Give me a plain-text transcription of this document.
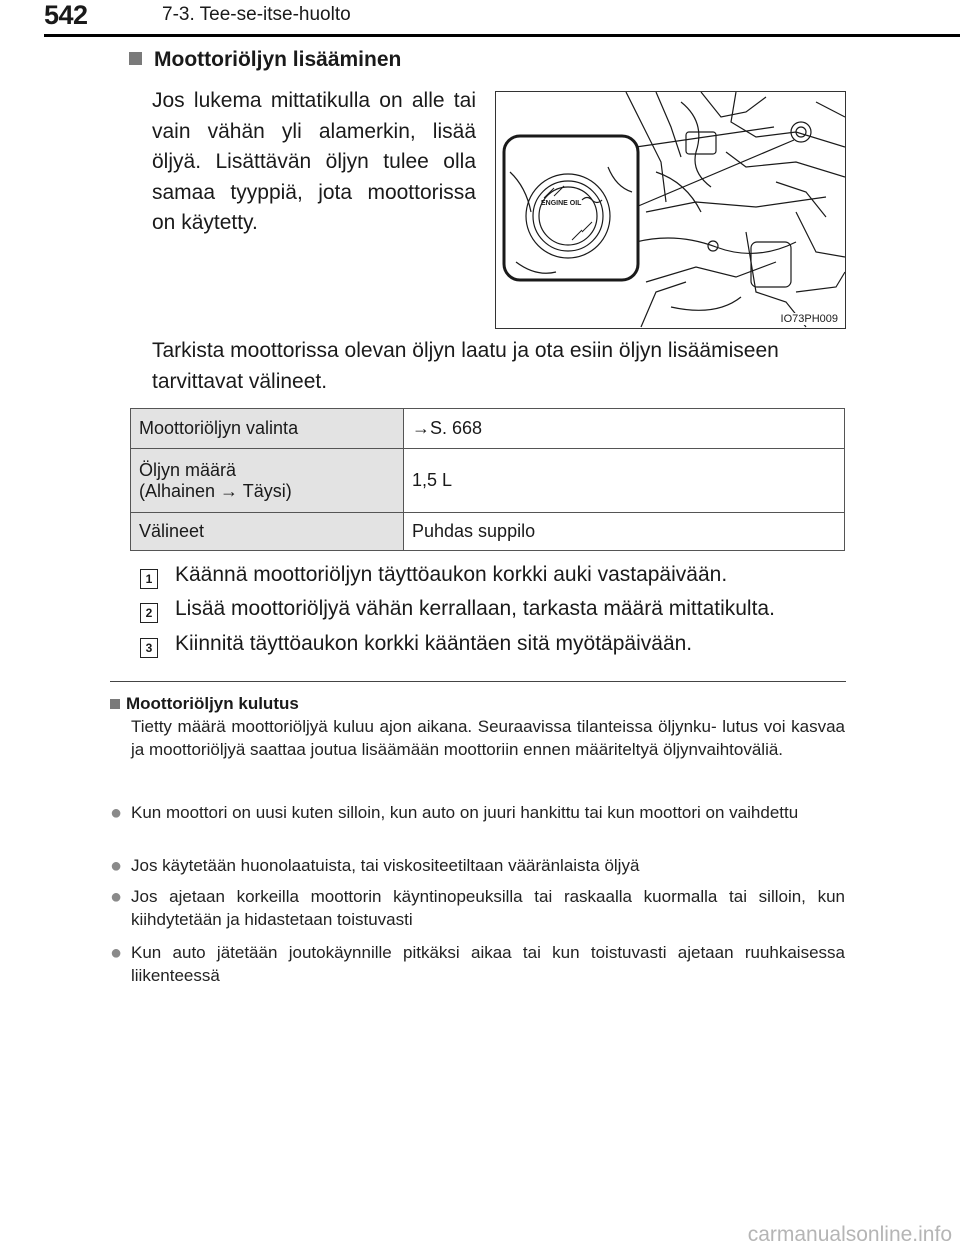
542	7-3. Tee-se-itse-huolto
Moottoriöljyn lisääminen
Jos lukema mittatikulla on alle tai vain vähän yli alamerkin, lisää öljyä. Lisättävän öljyn tulee olla samaa tyyppiä, jota moottorissa on käytetty.
ENGINE OIL
IO73PH009
Tarkista moottorissa olevan öljyn laatu ja ota esiin öljyn lisäämiseen tarvittavat välineet.
Moottoriöljyn valinta	→S. 668

Öljyn määrä
(Alhainen → Täysi)	1,5 L
Välineet	Puhdas suppilo
1 Käännä moottoriöljyn täyttöaukon korkki auki vastapäivään.
2 Lisää moottoriöljyä vähän kerrallaan, tarkasta määrä mittatikulta.
3 Kiinnitä täyttöaukon korkki kääntäen sitä myötäpäivään.
Moottoriöljyn kulutus
Tietty määrä moottoriöljyä kuluu ajon aikana. Seuraavissa tilanteissa öljynku- lutus voi kasvaa ja moottoriöljyä saattaa joutua lisäämään moottoriin ennen määriteltyä öljynvaihtoväliä.
● Kun moottori on uusi kuten silloin, kun auto on juuri hankittu tai kun moottori on vaihdettu
● Jos käytetään huonolaatuista, tai viskositeetiltaan vääränlaista öljyä
● Jos ajetaan korkeilla moottorin käyntinopeuksilla tai raskaalla kuormalla tai silloin, kun kiihdytetään ja hidastetaan toistuvasti
● Kun auto jätetään joutokäynnille pitkäksi aikaa tai kun toistuvasti ajetaan ruuhkaisessa liikenteessä
carmanualsonline.info
